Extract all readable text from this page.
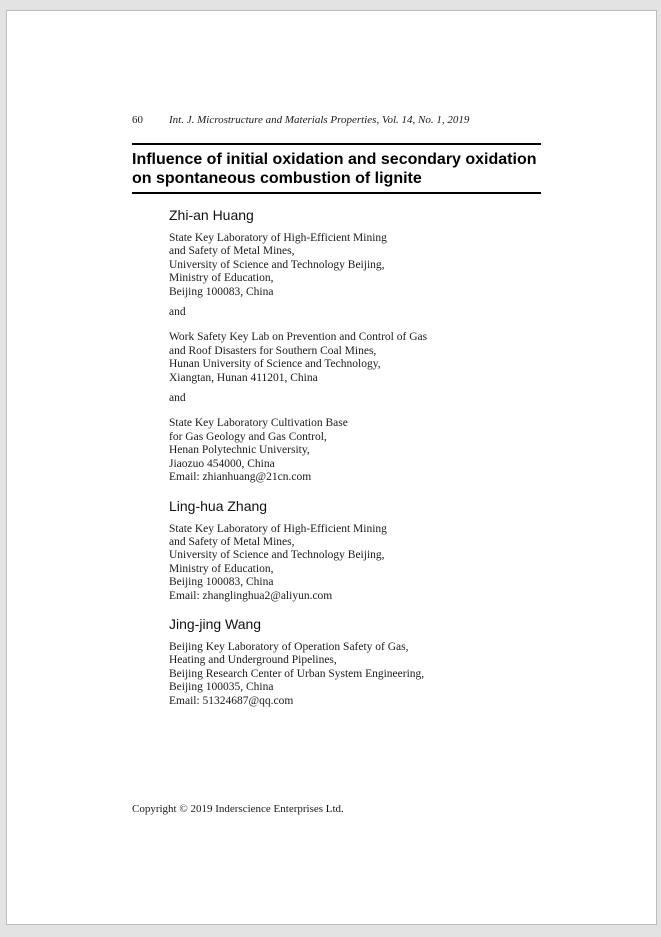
60	Int. J. Microstructure and Materials Properties, Vol. 14, No. 1, 2019
Influence of initial oxidation and secondary oxidation
on spontaneous combustion of lignite
Zhi-an Huang
State Key Laboratory of High-Efficient Mining
and Safety of Metal Mines,
University of Science and Technology Beijing,
Ministry of Education,
Beijing 100083, China
and
Work Safety Key Lab on Prevention and Control of Gas
and Roof Disasters for Southern Coal Mines,
Hunan University of Science and Technology,
Xiangtan, Hunan 411201, China
and
State Key Laboratory Cultivation Base
for Gas Geology and Gas Control,
Henan Polytechnic University,
Jiaozuo 454000, China
Email: zhianhuang@21cn.com
Ling-hua Zhang
State Key Laboratory of High-Efficient Mining
and Safety of Metal Mines,
University of Science and Technology Beijing,
Ministry of Education,
Beijing 100083, China
Email: zhanglinghua2@aliyun.com
Jing-jing Wang
Beijing Key Laboratory of Operation Safety of Gas,
Heating and Underground Pipelines,
Beijing Research Center of Urban System Engineering,
Beijing 100035, China
Email: 51324687@qq.com
Copyright © 2019 Inderscience Enterprises Ltd.
